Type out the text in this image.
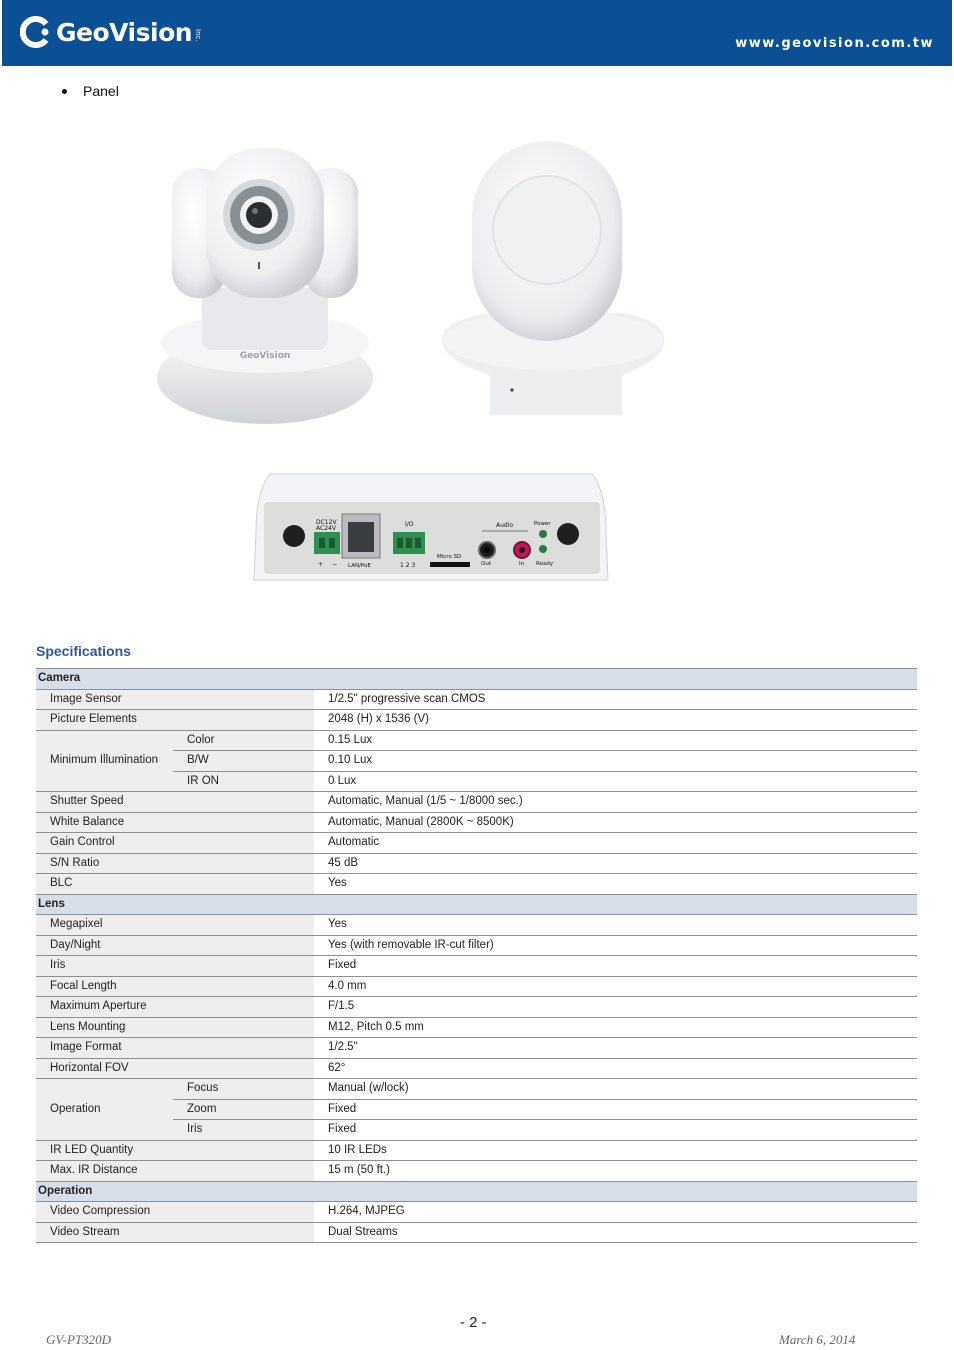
GeoVision Inc.
www.geovision.com.tw
Panel
GeoVision
DC12V
AC24V
+ − LAN/PoE
I/O
1 2 3
Micro SD
Audio
Out	In
Power
Ready
Specifications
Camera		
Image Sensor		1/2.5" progressive scan CMOS
Picture Elements		2048 (H) x 1536 (V)
Minimum Illumination	Color	0.15 Lux
	B/W	0.10 Lux
	IR ON	0 Lux
Shutter Speed		Automatic, Manual (1/5 ~ 1/8000 sec.)
White Balance		Automatic, Manual (2800K ~ 8500K)
Gain Control		Automatic
S/N Ratio		45 dB
BLC		Yes
Lens		
Megapixel		Yes
Day/Night		Yes (with removable IR-cut filter)
Iris		Fixed
Focal Length		4.0 mm
Maximum Aperture		F/1.5
Lens Mounting		M12, Pitch 0.5 mm
Image Format		1/2.5"
Horizontal FOV		62°
Operation	Focus	Manual (w/lock)
	Zoom	Fixed
	Iris	Fixed
IR LED Quantity		10 IR LEDs
Max. IR Distance		15 m (50 ft.)
Operation		
Video Compression		H.264, MJPEG
Video Stream		Dual Streams
- 2 -
GV-PT320D	March 6, 2014
